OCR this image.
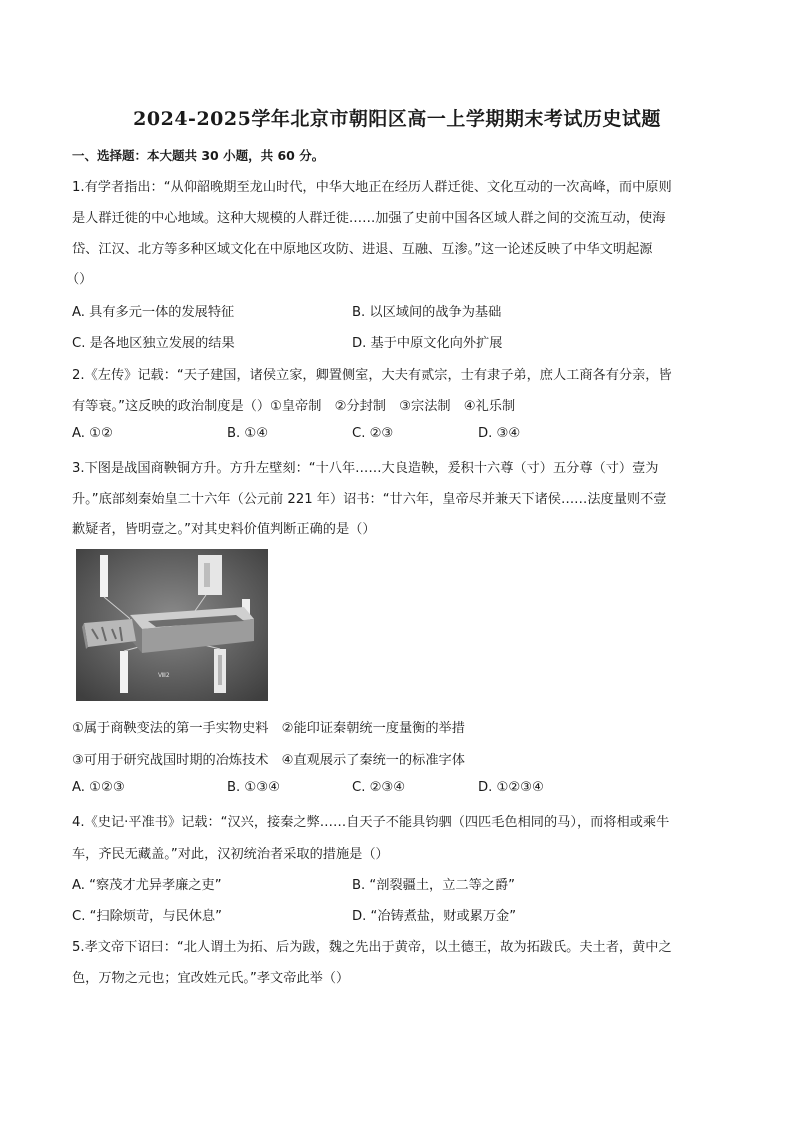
2024-2025学年北京市朝阳区高一上学期期末考试历史试题
一、选择题：本大题共 30 小题，共 60 分。
1.有学者指出：“从仰韶晚期至龙山时代，中华大地正在经历人群迁徙、文化互动的一次高峰，而中原则
是人群迁徙的中心地域。这种大规模的人群迁徙……加强了史前中国各区域人群之间的交流互动，使海
岱、江汉、北方等多种区域文化在中原地区攻防、进退、互融、互渗。”这一论述反映了中华文明起源
（）
A. 具有多元一体的发展特征	B. 以区域间的战争为基础
C. 是各地区独立发展的结果	D. 基于中原文化向外扩展
2.《左传》记载：“天子建国，诸侯立家，卿置侧室，大夫有贰宗，士有隶子弟，庶人工商各有分亲，皆
有等衰。”这反映的政治制度是（）①皇帝制　②分封制　③宗法制　④礼乐制
A. ①②	B. ①④	C. ②③	D. ③④
3.下图是战国商鞅铜方升。方升左壁刻：“十八年……大良造鞅，爰积十六尊（寸）五分尊（寸）壹为
升。”底部刻秦始皇二十六年（公元前 221 年）诏书：“廿六年，皇帝尽并兼天下诸侯……法度量则不壹
歉疑者，皆明壹之。”对其史料价值判断正确的是（）
Ⅷ2
①属于商鞅变法的第一手实物史料　②能印证秦朝统一度量衡的举措
③可用于研究战国时期的冶炼技术　④直观展示了秦统一的标准字体
A. ①②③	B. ①③④	C. ②③④	D. ①②③④
4.《史记·平准书》记载：“汉兴，接秦之弊……自天子不能具钧驷（四匹毛色相同的马），而将相或乘牛
车，齐民无藏盖。”对此，汉初统治者采取的措施是（）
A. “察茂才尤异孝廉之吏”	B. “剖裂疆土，立二等之爵”
C. “扫除烦苛，与民休息”	D. “冶铸煮盐，财或累万金”
5.孝文帝下诏曰：“北人谓土为拓、后为跋，魏之先出于黄帝，以土德王，故为拓跋氏。夫土者，黄中之
色，万物之元也；宜改姓元氏。”孝文帝此举（）
